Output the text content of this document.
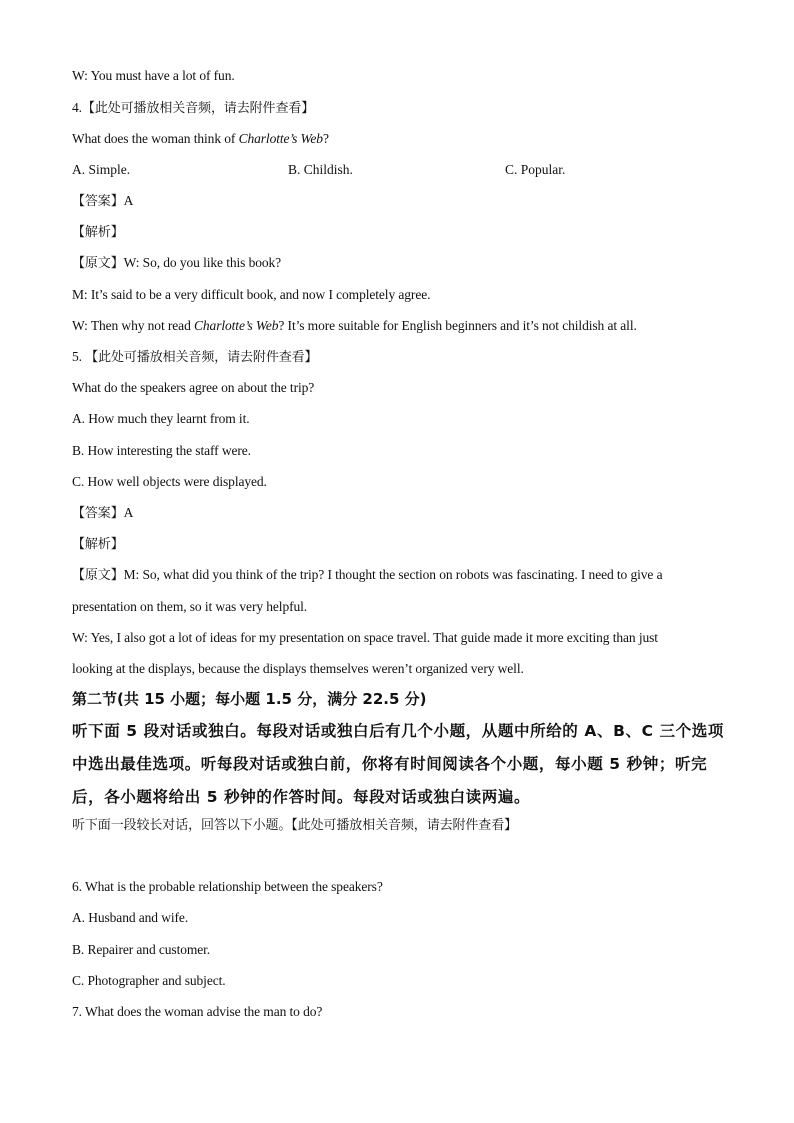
W: You must have a lot of fun.
4.【此处可播放相关音频，请去附件查看】
What does the woman think of Charlotte’s Web?
A. Simple.	B. Childish.	C. Popular.
【答案】A
【解析】
【原文】W: So, do you like this book?
M: It’s said to be a very difficult book, and now I completely agree.
W: Then why not read Charlotte’s Web? It’s more suitable for English beginners and it’s not childish at all.
5. 【此处可播放相关音频，请去附件查看】
What do the speakers agree on about the trip?
A. How much they learnt from it.
B. How interesting the staff were.
C. How well objects were displayed.
【答案】A
【解析】
【原文】M: So, what did you think of the trip? I thought the section on robots was fascinating. I need to give a
presentation on them, so it was very helpful.
W: Yes, I also got a lot of ideas for my presentation on space travel. That guide made it more exciting than just
looking at the displays, because the displays themselves weren’t organized very well.
第二节(共 15 小题；每小题 1.5 分，满分 22.5 分)
听下面 5 段对话或独白。每段对话或独白后有几个小题，从题中所给的 A、B、C 三个选项
中选出最佳选项。听每段对话或独白前，你将有时间阅读各个小题，每小题 5 秒钟；听完
后，各小题将给出 5 秒钟的作答时间。每段对话或独白读两遍。
听下面一段较长对话，回答以下小题。【此处可播放相关音频，请去附件查看】
6. What is the probable relationship between the speakers?
A. Husband and wife.
B. Repairer and customer.
C. Photographer and subject.
7. What does the woman advise the man to do?
